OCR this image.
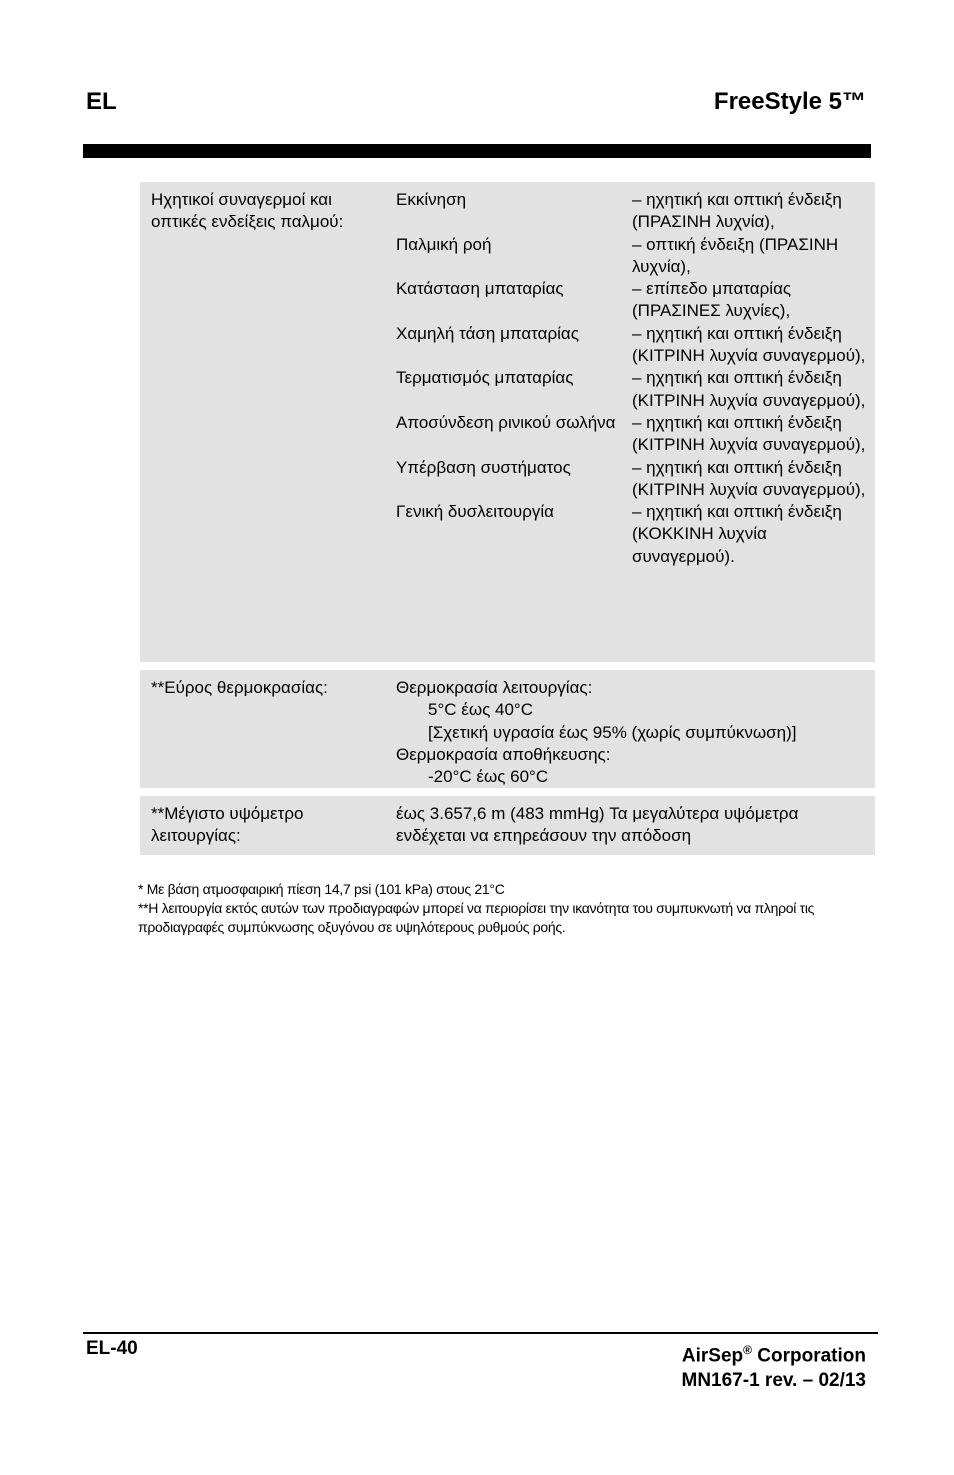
EL	FreeStyle 5™
Ηχητικοί συναγερμοί και οπτικές ενδείξεις παλμού:
Εκκίνηση	– ηχητική και οπτική ένδειξη (ΠΡΑΣΙΝΗ λυχνία),
Παλμική ροή	– οπτική ένδειξη (ΠΡΑΣΙΝΗ λυχνία),
Κατάσταση μπαταρίας	– επίπεδο μπαταρίας (ΠΡΑΣΙΝΕΣ λυχνίες),
Χαμηλή τάση μπαταρίας	– ηχητική και οπτική ένδειξη (ΚΙΤΡΙΝΗ λυχνία συναγερμού),
Τερματισμός μπαταρίας	– ηχητική και οπτική ένδειξη (ΚΙΤΡΙΝΗ λυχνία συναγερμού),
Αποσύνδεση ρινικού σωλήνα – ηχητική και οπτική ένδειξη (ΚΙΤΡΙΝΗ λυχνία συναγερμού),
Υπέρβαση συστήματος	– ηχητική και οπτική ένδειξη (ΚΙΤΡΙΝΗ λυχνία συναγερμού),
Γενική δυσλειτουργία	– ηχητική και οπτική ένδειξη (ΚΟΚΚΙΝΗ λυχνία συναγερμού).
**Εύρος θερμοκρασίας:	Θερμοκρασία λειτουργίας:
5°C έως 40°C
[Σχετική υγρασία έως 95% (χωρίς συμπύκνωση)]
Θερμοκρασία αποθήκευσης:
-20°C έως 60°C
**Μέγιστο υψόμετρο λειτουργίας:
έως 3.657,6 m (483 mmHg) Τα μεγαλύτερα υψόμετρα ενδέχεται να επηρεάσουν την απόδοση
* Με βάση ατμοσφαιρική πίεση 14,7 psi (101 kPa) στους 21°C
**Η λειτουργία εκτός αυτών των προδιαγραφών μπορεί να περιορίσει την ικανότητα του συμπυκνωτή να πληροί τις προδιαγραφές συμπύκνωσης οξυγόνου σε υψηλότερους ρυθμούς ροής.
EL-40	AirSep® Corporation
MN167-1 rev. – 02/13
